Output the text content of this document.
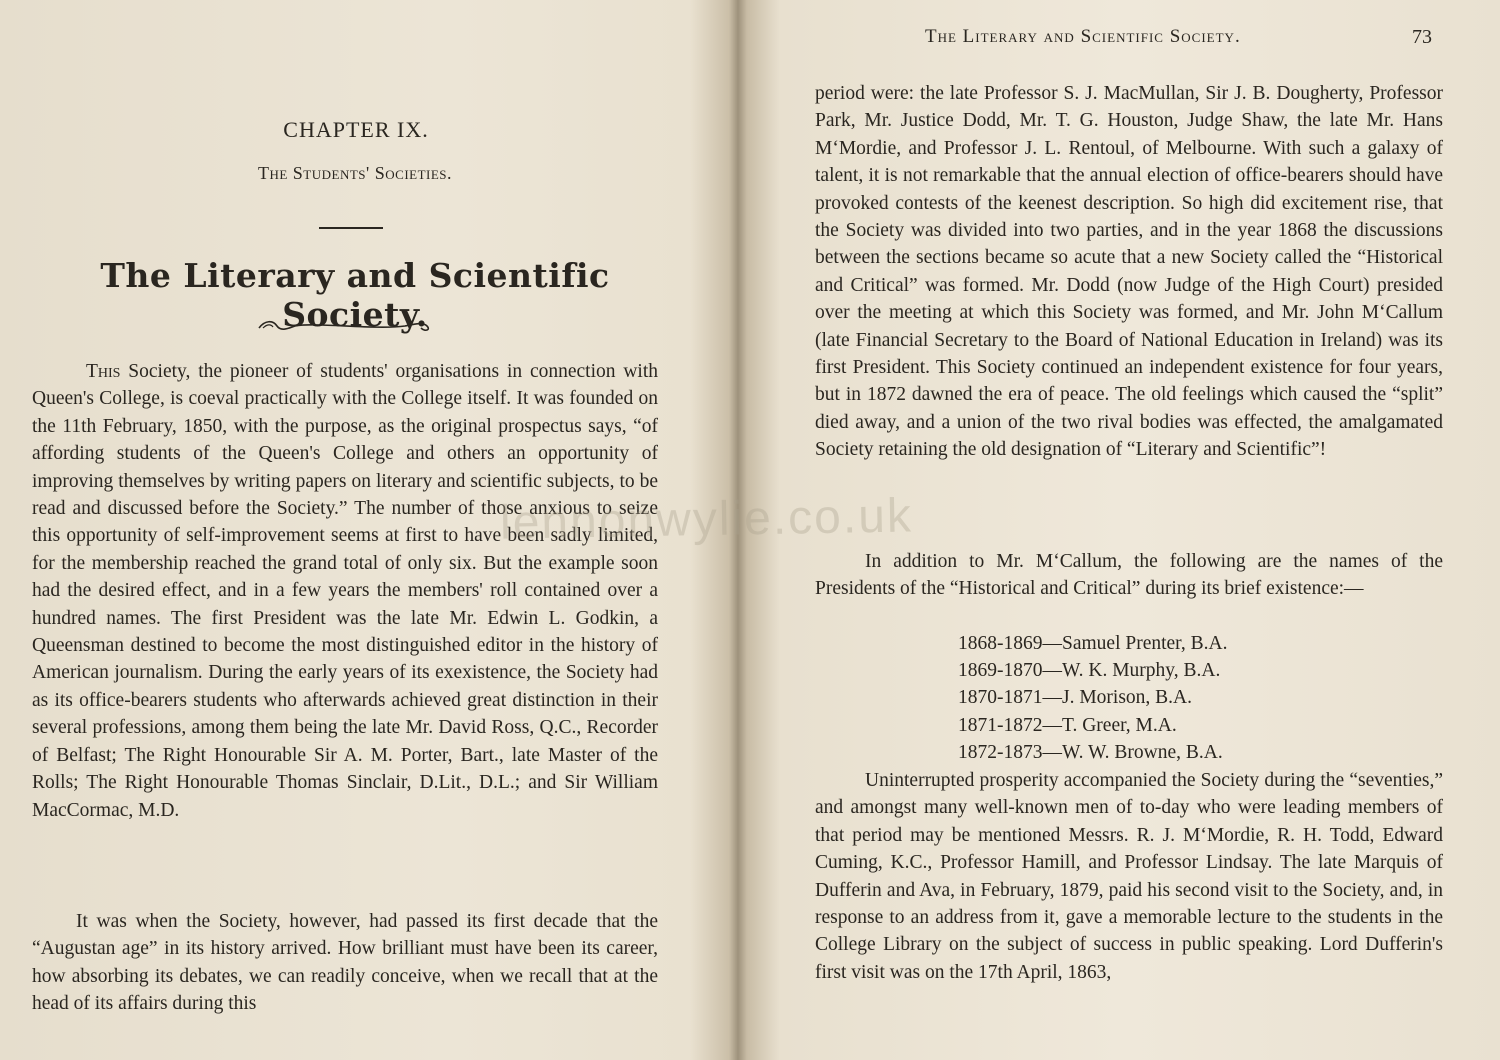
CHAPTER IX.
The Students' Societies.
The Literary and Scientific Society.

This Society, the pioneer of students' organisations in connection with Queen's College, is coeval practically with the College itself. It was founded on the 11th February, 1850, with the purpose, as the original prospectus says, “of affording students of the Queen's College and others an opportunity of improving themselves by writing papers on literary and scientific subjects, to be read and discussed before the Society.” The number of those anxious to seize this opportunity of self-improvement seems at first to have been sadly limited, for the membership reached the grand total of only six. But the example soon had the desired effect, and in a few years the members' roll contained over a hundred names. The first President was the late Mr. Edwin L. Godkin, a Queensman destined to become the most distinguished editor in the history of American journalism. During the early years of its exexistence, the Society had as its office-bearers students who afterwards achieved great distinction in their several professions, among them being the late Mr. David Ross, Q.C., Recorder of Belfast; The Right Honourable Sir A. M. Porter, Bart., late Master of the Rolls; The Right Honourable Thomas Sinclair, D.Lit., D.L.; and Sir William MacCormac, M.D.

It was when the Society, however, had passed its first decade that the “Augustan age” in its history arrived. How brilliant must have been its career, how absorbing its debates, we can readily conceive, when we recall that at the head of its affairs during this

The Literary and Scientific Society.	73

period were: the late Professor S. J. MacMullan, Sir J. B. Dougherty, Professor Park, Mr. Justice Dodd, Mr. T. G. Houston, Judge Shaw, the late Mr. Hans M‘Mordie, and Professor J. L. Rentoul, of Melbourne. With such a galaxy of talent, it is not remarkable that the annual election of office-bearers should have provoked contests of the keenest description. So high did excitement rise, that the Society was divided into two parties, and in the year 1868 the discussions between the sections became so acute that a new Society called the “Historical and Critical” was formed. Mr. Dodd (now Judge of the High Court) presided over the meeting at which this Society was formed, and Mr. John M‘Callum (late Financial Secretary to the Board of National Education in Ireland) was its first President. This Society continued an independent existence for four years, but in 1872 dawned the era of peace. The old feelings which caused the “split” died away, and a union of the two rival bodies was effected, the amalgamated Society retaining the old designation of “Literary and Scientific”!

In addition to Mr. M‘Callum, the following are the names of the Presidents of the “Historical and Critical” during its brief existence:—

1868-1869—Samuel Prenter, B.A.
1869-1870—W. K. Murphy, B.A.
1870-1871—J. Morison, B.A.
1871-1872—T. Greer, M.A.
1872-1873—W. W. Browne, B.A.

Uninterrupted prosperity accompanied the Society during the “seventies,” and amongst many well-known men of to-day who were leading members of that period may be mentioned Messrs. R. J. M‘Mordie, R. H. Todd, Edward Cuming, K.C., Professor Hamill, and Professor Lindsay. The late Marquis of Dufferin and Ava, in February, 1879, paid his second visit to the Society, and, in response to an address from it, gave a memorable lecture to the students in the College Library on the subject of success in public speaking. Lord Dufferin's first visit was on the 17th April, 1863,

lennonwylie.co.uk
